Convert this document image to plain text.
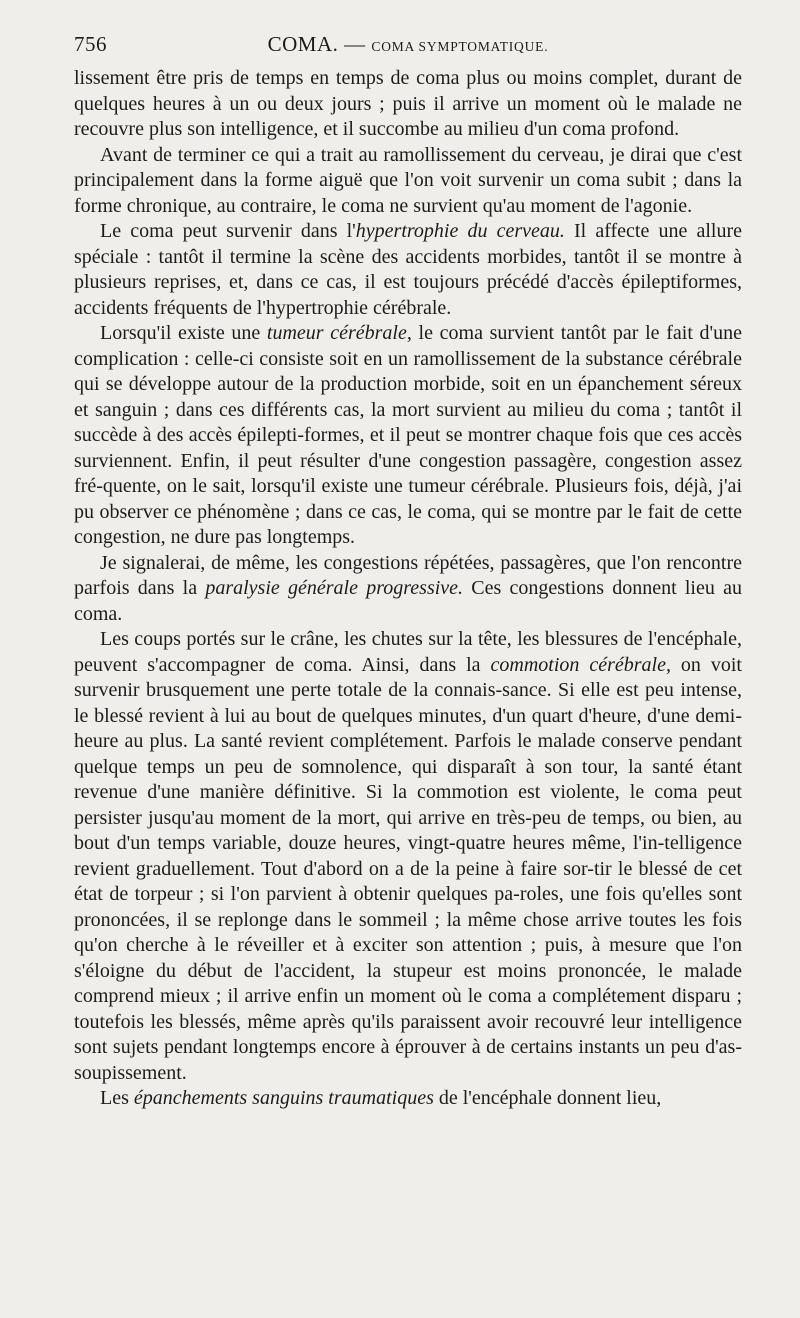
756	COMA. — COMA SYMPTOMATIQUE.

lissement être pris de temps en temps de coma plus ou moins complet, durant de quelques heures à un ou deux jours ; puis il arrive un moment où le malade ne recouvre plus son intelligence, et il succombe au milieu d'un coma profond.

Avant de terminer ce qui a trait au ramollissement du cerveau, je dirai que c'est principalement dans la forme aiguë que l'on voit survenir un coma subit ; dans la forme chronique, au contraire, le coma ne survient qu'au moment de l'agonie.

Le coma peut survenir dans l'hypertrophie du cerveau. Il affecte une allure spéciale : tantôt il termine la scène des accidents morbides, tantôt il se montre à plusieurs reprises, et, dans ce cas, il est toujours précédé d'accès épileptiformes, accidents fréquents de l'hypertrophie cérébrale.

Lorsqu'il existe une tumeur cérébrale, le coma survient tantôt par le fait d'une complication : celle-ci consiste soit en un ramollissement de la substance cérébrale qui se développe autour de la production morbide, soit en un épanchement séreux et sanguin ; dans ces différents cas, la mort survient au milieu du coma ; tantôt il succède à des accès épilepti-formes, et il peut se montrer chaque fois que ces accès surviennent. Enfin, il peut résulter d'une congestion passagère, congestion assez fré-quente, on le sait, lorsqu'il existe une tumeur cérébrale. Plusieurs fois, déjà, j'ai pu observer ce phénomène ; dans ce cas, le coma, qui se montre par le fait de cette congestion, ne dure pas longtemps.

Je signalerai, de même, les congestions répétées, passagères, que l'on rencontre parfois dans la paralysie générale progressive. Ces congestions donnent lieu au coma.

Les coups portés sur le crâne, les chutes sur la tête, les blessures de l'encéphale, peuvent s'accompagner de coma. Ainsi, dans la commotion cérébrale, on voit survenir brusquement une perte totale de la connais-sance. Si elle est peu intense, le blessé revient à lui au bout de quelques minutes, d'un quart d'heure, d'une demi-heure au plus. La santé revient complétement. Parfois le malade conserve pendant quelque temps un peu de somnolence, qui disparaît à son tour, la santé étant revenue d'une manière définitive. Si la commotion est violente, le coma peut persister jusqu'au moment de la mort, qui arrive en très-peu de temps, ou bien, au bout d'un temps variable, douze heures, vingt-quatre heures même, l'in-telligence revient graduellement. Tout d'abord on a de la peine à faire sor-tir le blessé de cet état de torpeur ; si l'on parvient à obtenir quelques pa-roles, une fois qu'elles sont prononcées, il se replonge dans le sommeil ; la même chose arrive toutes les fois qu'on cherche à le réveiller et à exciter son attention ; puis, à mesure que l'on s'éloigne du début de l'accident, la stupeur est moins prononcée, le malade comprend mieux ; il arrive enfin un moment où le coma a complétement disparu ; toutefois les blessés, même après qu'ils paraissent avoir recouvré leur intelligence sont sujets pendant longtemps encore à éprouver à de certains instants un peu d'as-soupissement.

Les épanchements sanguins traumatiques de l'encéphale donnent lieu,
